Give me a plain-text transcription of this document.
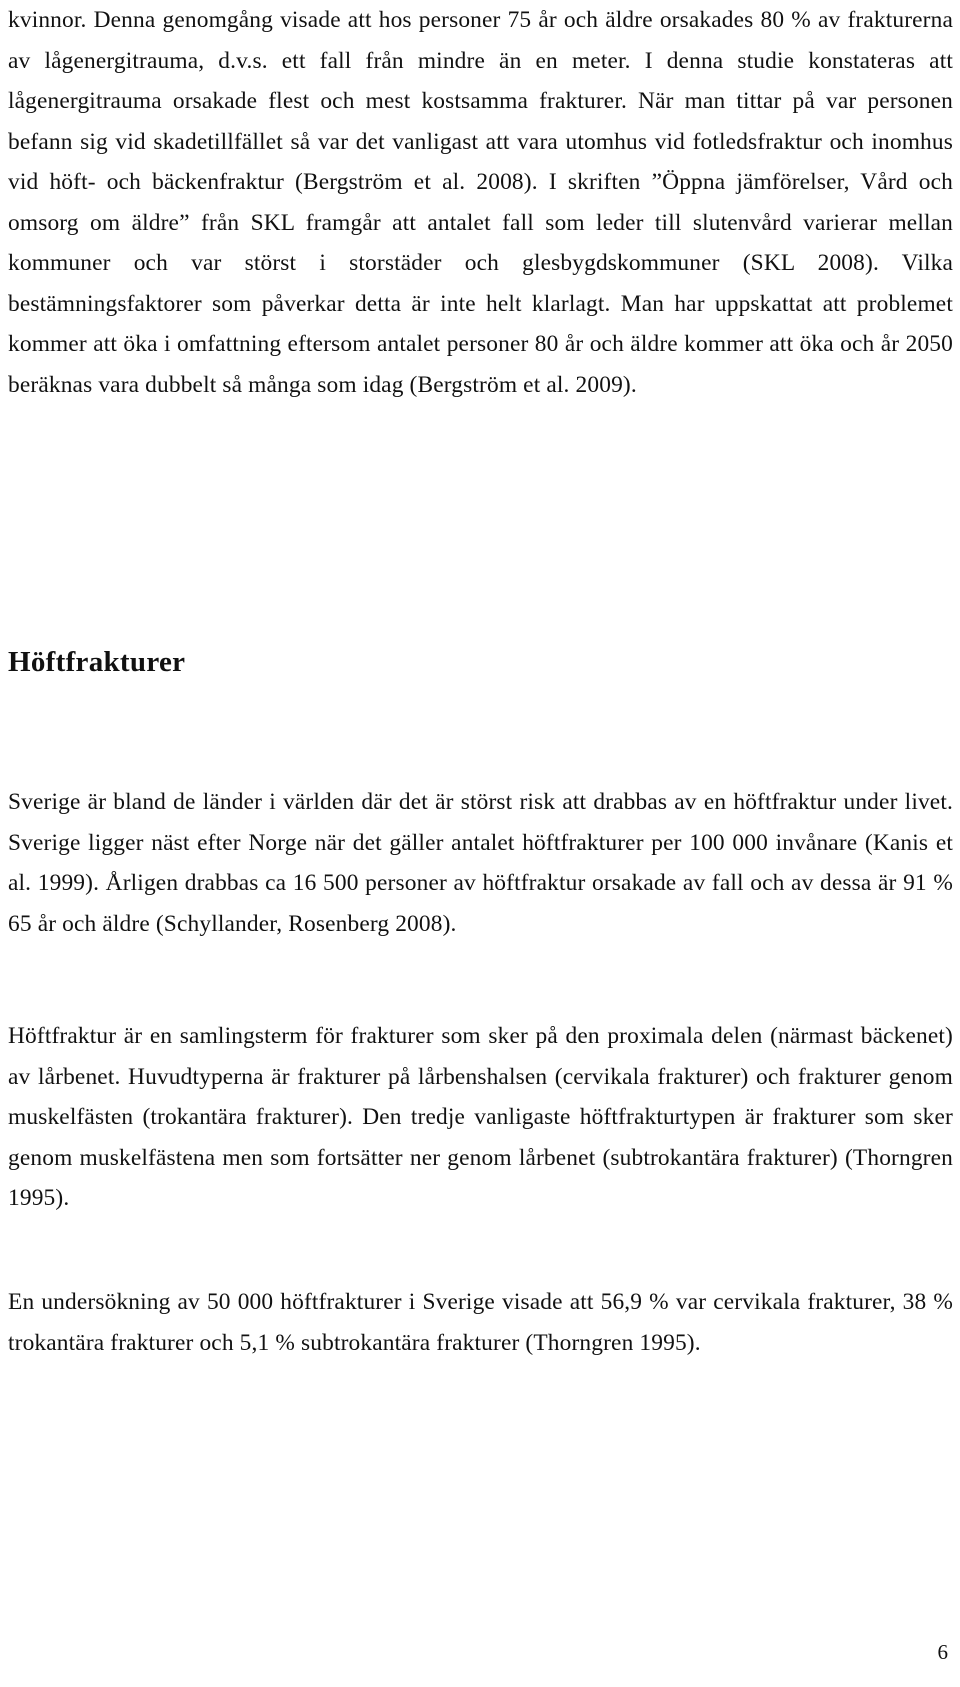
kvinnor. Denna genomgång visade att hos personer 75 år och äldre orsakades 80 % av frakturerna av lågenergitrauma, d.v.s. ett fall från mindre än en meter. I denna studie konstateras att lågenergitrauma orsakade flest och mest kostsamma frakturer. När man tittar på var personen befann sig vid skadetillfället så var det vanligast att vara utomhus vid fotledsfraktur och inomhus vid höft- och bäckenfraktur (Bergström et al. 2008). I skriften ”Öppna jämförelser, Vård och omsorg om äldre” från SKL framgår att antalet fall som leder till slutenvård varierar mellan kommuner och var störst i storstäder och glesbygdskommuner (SKL 2008). Vilka bestämningsfaktorer som påverkar detta är inte helt klarlagt. Man har uppskattat att problemet kommer att öka i omfattning eftersom antalet personer 80 år och äldre kommer att öka och år 2050 beräknas vara dubbelt så många som idag (Bergström et al. 2009).

Höftfrakturer

Sverige är bland de länder i världen där det är störst risk att drabbas av en höftfraktur under livet. Sverige ligger näst efter Norge när det gäller antalet höftfrakturer per 100 000 invånare (Kanis et al. 1999). Årligen drabbas ca 16 500 personer av höftfraktur orsakade av fall och av dessa är 91 % 65 år och äldre (Schyllander, Rosenberg 2008).

Höftfraktur är en samlingsterm för frakturer som sker på den proximala delen (närmast bäckenet) av lårbenet. Huvudtyperna är frakturer på lårbenshalsen (cervikala frakturer) och frakturer genom muskelfästen (trokantära frakturer). Den tredje vanligaste höftfrakturtypen är frakturer som sker genom muskelfästena men som fortsätter ner genom lårbenet (subtrokantära frakturer) (Thorngren 1995).

En undersökning av 50 000 höftfrakturer i Sverige visade att 56,9 % var cervikala frakturer, 38 % trokantära frakturer och 5,1 % subtrokantära frakturer (Thorngren 1995).

6
